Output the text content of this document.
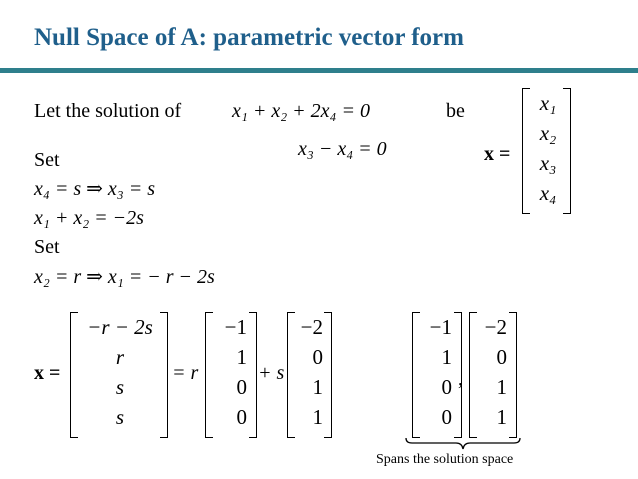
Null Space of A: parametric vector form
Let the solution of	x₁ + x₂ + 2x₄ = 0
x₃ − x₄ = 0
be
x =
x₁
x₂
x₃
x₄
Set
x₄ = s ⇒ x₃ = s
x₁ + x₂ = −2s
Set
x₂ = r ⇒ x₁ = − r − 2s
x =
−r − 2s
r
s
s
= r
−1
1
0
0
+ s
−2
0
1
1
−1
1
0
0
,
−2
0
1
1
Spans the solution space
